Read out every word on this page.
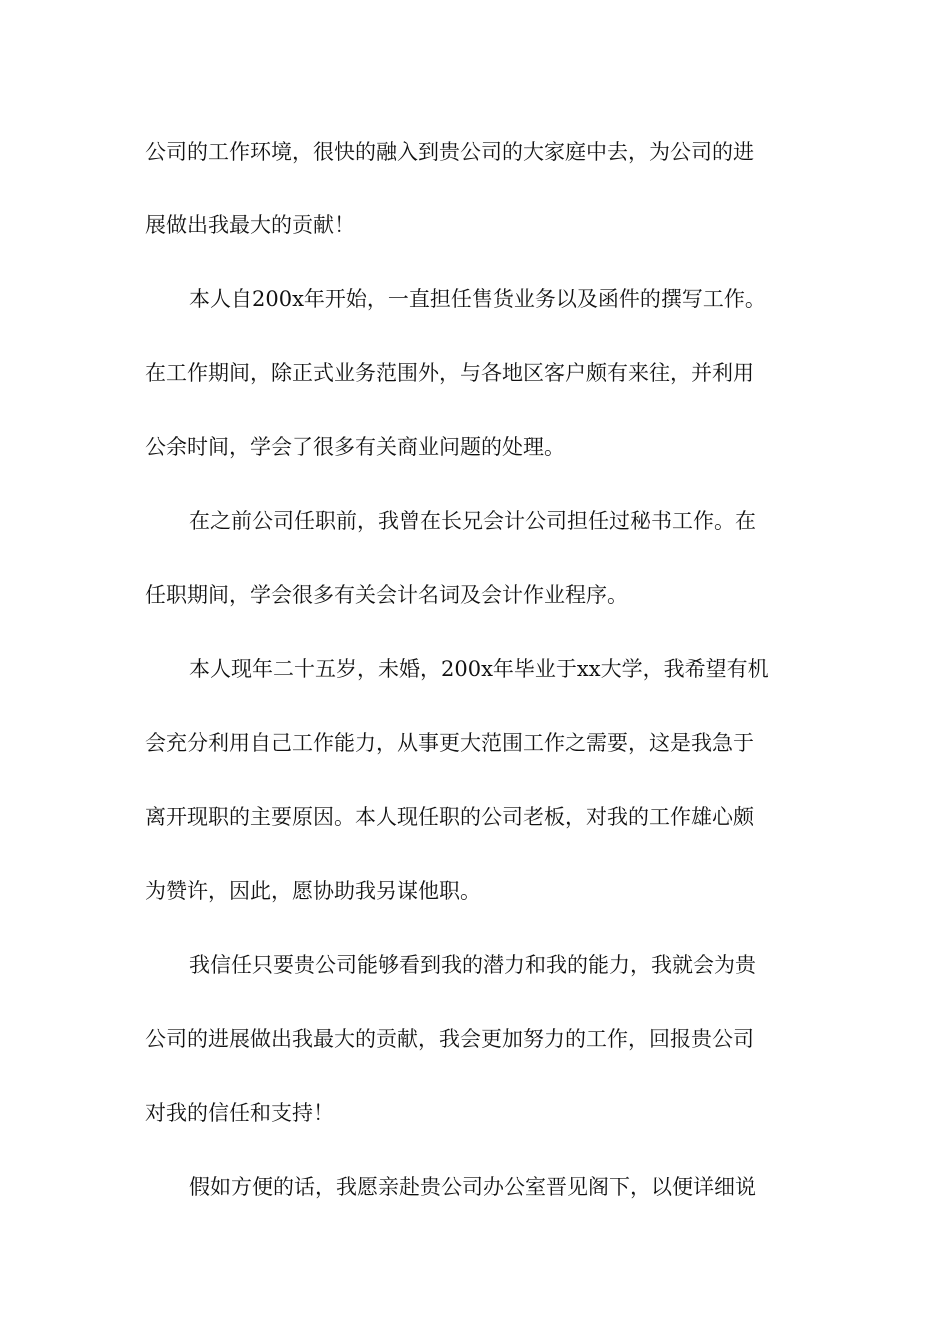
公司的工作环境，很快的融入到贵公司的大家庭中去，为公司的进
展做出我最大的贡献！
本人自200x年开始，一直担任售货业务以及函件的撰写工作。
在工作期间，除正式业务范围外，与各地区客户颇有来往，并利用
公余时间，学会了很多有关商业问题的处理。
在之前公司任职前，我曾在长兄会计公司担任过秘书工作。在
任职期间，学会很多有关会计名词及会计作业程序。
本人现年二十五岁，未婚，200x年毕业于xx大学，我希望有机
会充分利用自己工作能力，从事更大范围工作之需要，这是我急于
离开现职的主要原因。本人现任职的公司老板，对我的工作雄心颇
为赞许，因此，愿协助我另谋他职。
我信任只要贵公司能够看到我的潜力和我的能力，我就会为贵
公司的进展做出我最大的贡献，我会更加努力的工作，回报贵公司
对我的信任和支持！
假如方便的话，我愿亲赴贵公司办公室晋见阁下，以便详细说
